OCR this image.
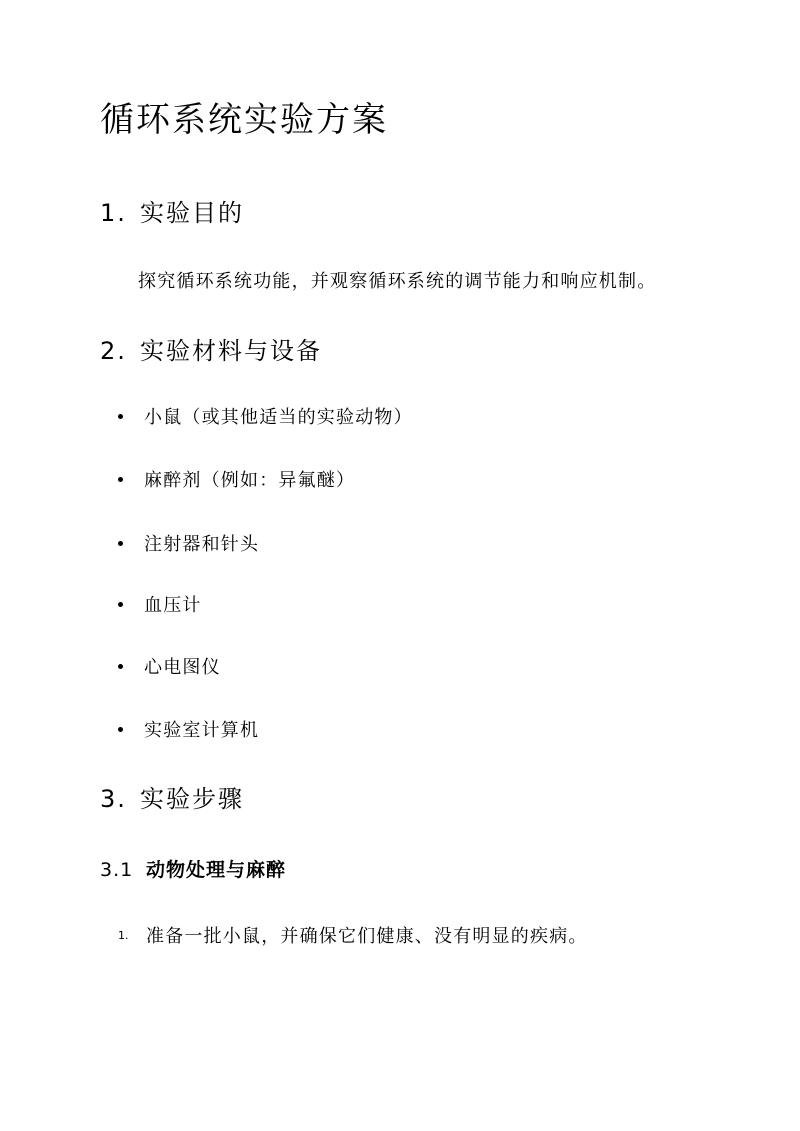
循环系统实验方案
1. 实验目的

探究循环系统功能，并观察循环系统的调节能力和响应机制。

2. 实验材料与设备
小鼠（或其他适当的实验动物）
麻醉剂（例如：异氟醚）
注射器和针头
血压计
心电图仪
实验室计算机
3. 实验步骤
3.1 动物处理与麻醉
1. 准备一批小鼠，并确保它们健康、没有明显的疾病。
